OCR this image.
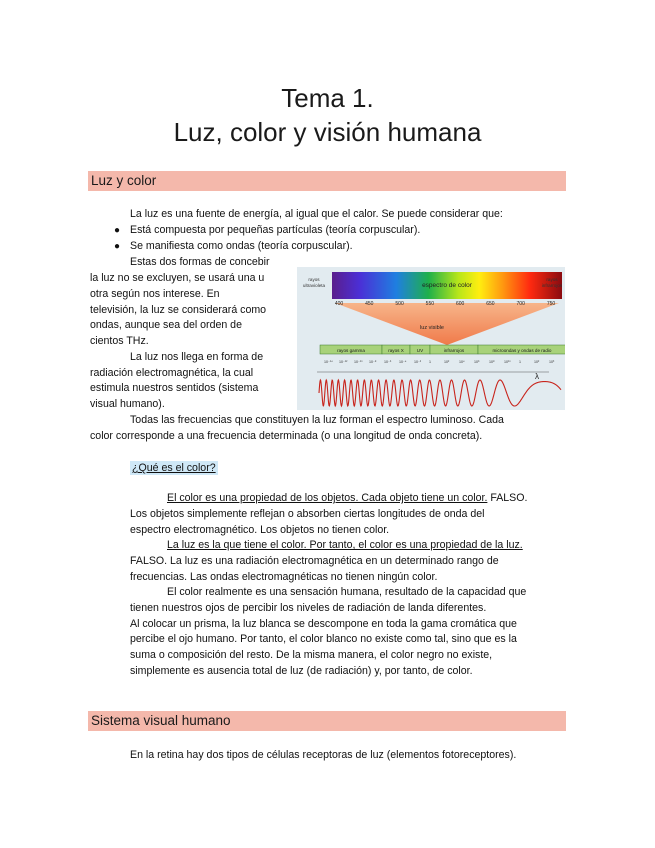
Tema 1.
Luz, color y visión humana
Luz y color
La luz es una fuente de energía, al igual que el calor. Se puede considerar que:
● Está compuesta por pequeñas partículas (teoría corpuscular).
● Se manifiesta como ondas (teoría corpuscular).
Estas dos formas de concebir
la luz no se excluyen, se usará una u
otra según nos interese. En
televisión, la luz se considerará como
ondas, aunque sea del orden de
cientos THz.
La luz nos llega en forma de
radiación electromagnética, la cual
estimula nuestros sentidos (sistema
visual humano).
espectro de color
rayos
ultravioleta
rayos
infrarrojos
400	450	500	550	600	650	700	750
luz visible
rayos gamma	rayos X	UV	infrarrojos	microondas y ondas de radio
10⁻¹⁴ 10⁻¹² 10⁻¹⁰ 10⁻⁸ 10⁻⁶ 10⁻⁴ 10⁻² 1	10²	10⁴	10⁶	10⁸	10¹⁰ 1	10²	10³
λ
Todas las frecuencias que constituyen la luz forman el espectro luminoso. Cada
color corresponde a una frecuencia determinada (o una longitud de onda concreta).
¿Qué es el color?
El color es una propiedad de los objetos. Cada objeto tiene un color. FALSO.
Los objetos simplemente reflejan o absorben ciertas longitudes de onda del
espectro electromagnético. Los objetos no tienen color.
La luz es la que tiene el color. Por tanto, el color es una propiedad de la luz.
FALSO. La luz es una radiación electromagnética en un determinado rango de
frecuencias. Las ondas electromagnéticas no tienen ningún color.
El color realmente es una sensación humana, resultado de la capacidad que
tienen nuestros ojos de percibir los niveles de radiación de landa diferentes.
Al colocar un prisma, la luz blanca se descompone en toda la gama cromática que
percibe el ojo humano. Por tanto, el color blanco no existe como tal, sino que es la
suma o composición del resto. De la misma manera, el color negro no existe,
simplemente es ausencia total de luz (de radiación) y, por tanto, de color.
Sistema visual humano
En la retina hay dos tipos de células receptoras de luz (elementos fotoreceptores).
